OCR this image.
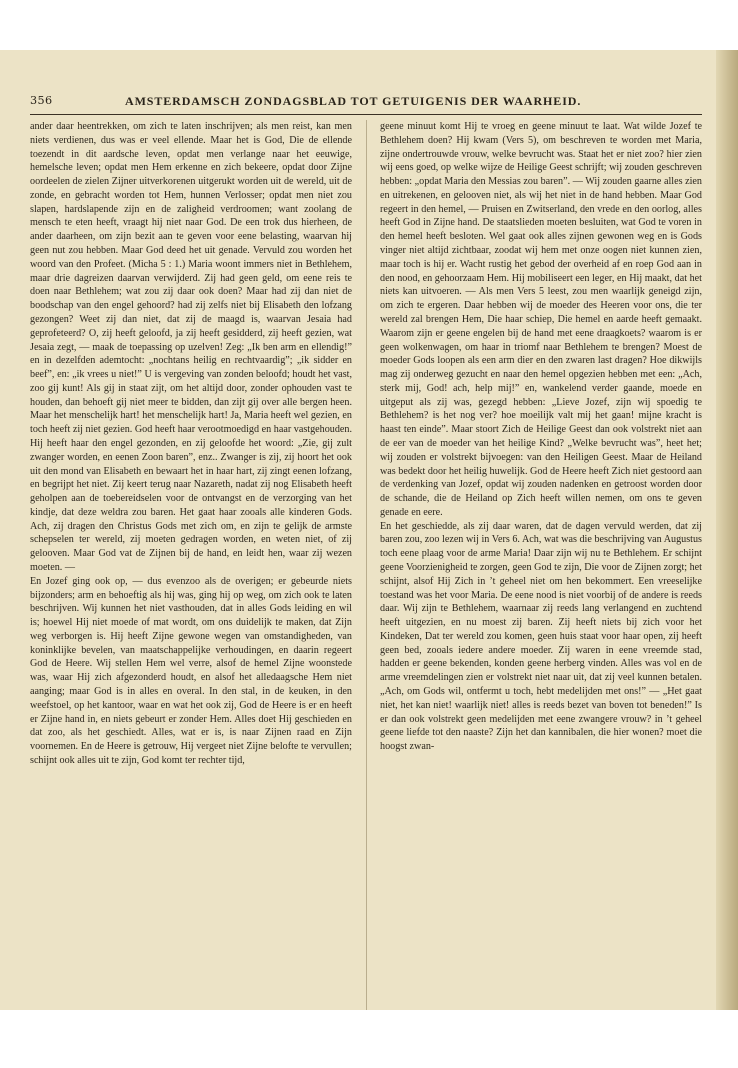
356	AMSTERDAMSCH ZONDAGSBLAD TOT GETUIGENIS DER WAARHEID.

ander daar heentrekken, om zich te laten inschrijven; als men reist, kan men niets verdienen, dus was er veel ellende. Maar het is God, Die de ellende toezendt in dit aardsche leven, opdat men verlange naar het eeuwige, hemelsche leven; opdat men Hem erkenne en zich bekeere, opdat door Zijne oordeelen de zielen Zijner uitverkorenen uitgerukt worden uit de wereld, uit de zonde, en gebracht worden tot Hem, hunnen Verlosser; opdat men niet zou slapen, hardslapende zijn en de zaligheid verdroomen; want zoolang de mensch te eten heeft, vraagt hij niet naar God. De een trok dus hierheen, de ander daarheen, om zijn bezit aan te geven voor eene belasting, waarvan hij geen nut zou hebben. Maar God deed het uit genade. Vervuld zou worden het woord van den Profeet. (Micha 5 : 1.) Maria woont immers niet in Bethlehem, maar drie dagreizen daarvan verwijderd. Zij had geen geld, om eene reis te doen naar Bethlehem; wat zou zij daar ook doen? Maar had zij dan niet de boodschap van den engel gehoord? had zij zelfs niet bij Elisabeth den lofzang gezongen? Weet zij dan niet, dat zij de maagd is, waarvan Jesaia had geprofeteerd? O, zij heeft geloofd, ja zij heeft gesidderd, zij heeft gezien, wat Jesaia zegt, — maak de toepassing op uzelven! Zeg: „Ik ben arm en ellendig!” en in dezelfden ademtocht: „nochtans heilig en rechtvaardig”; „ik sidder en beef”, en: „ik vrees u niet!” U is vergeving van zonden beloofd; houdt het vast, zoo gij kunt! Als gij in staat zijt, om het altijd door, zonder ophouden vast te houden, dan behoeft gij niet meer te bidden, dan zijt gij over alle bergen heen. Maar het menschelijk hart! het menschelijk hart! Ja, Maria heeft wel gezien, en toch heeft zij niet gezien. God heeft haar verootmoedigd en haar vastgehouden. Hij heeft haar den engel gezonden, en zij geloofde het woord: „Zie, gij zult zwanger worden, en eenen Zoon baren”, enz.. Zwanger is zij, zij hoort het ook uit den mond van Elisabeth en bewaart het in haar hart, zij zingt eenen lofzang, en begrijpt het niet. Zij keert terug naar Nazareth, nadat zij nog Elisabeth heeft geholpen aan de toebereidselen voor de ontvangst en de verzorging van het kindje, dat deze weldra zou baren. Het gaat haar zooals alle kinderen Gods. Ach, zij dragen den Christus Gods met zich om, en zijn te gelijk de armste schepselen ter wereld, zij moeten gedragen worden, en weten niet, of zij gelooven. Maar God vat de Zijnen bij de hand, en leidt hen, waar zij wezen moeten. —

En Jozef ging ook op, — dus evenzoo als de overigen; er gebeurde niets bijzonders; arm en behoeftig als hij was, ging hij op weg, om zich ook te laten beschrijven. Wij kunnen het niet vasthouden, dat in alles Gods leiding en wil is; hoewel Hij niet moede of mat wordt, om ons duidelijk te maken, dat Zijn weg verborgen is. Hij heeft Zijne gewone wegen van omstandigheden, van koninklijke bevelen, van maatschappelijke verhoudingen, en daarin regeert God de Heere. Wij stellen Hem wel verre, alsof de hemel Zijne woonstede was, waar Hij zich afgezonderd houdt, en alsof het alledaagsche Hem niet aanging; maar God is in alles en overal. In den stal, in de keuken, in den weefstoel, op het kantoor, waar en wat het ook zij, God de Heere is er en heeft er Zijne hand in, en niets gebeurt er zonder Hem. Alles doet Hij geschieden en dat zoo, als het geschiedt. Alles, wat er is, is naar Zijnen raad en Zijn voornemen. En de Heere is getrouw, Hij vergeet niet Zijne belofte te vervullen; schijnt ook alles uit te zijn, God komt ter rechter tijd,

geene minuut komt Hij te vroeg en geene minuut te laat. Wat wilde Jozef te Bethlehem doen? Hij kwam (Vers 5), om beschreven te worden met Maria, zijne ondertrouwde vrouw, welke bevrucht was. Staat het er niet zoo? hier zien wij eens goed, op welke wijze de Heilige Geest schrijft; wij zouden geschreven hebben: „opdat Maria den Messias zou baren”. — Wij zouden gaarne alles zien en uitrekenen, en gelooven niet, als wij het niet in de hand hebben. Maar God regeert in den hemel, — Pruisen en Zwitserland, den vrede en den oorlog, alles heeft God in Zijne hand. De staatslieden moeten besluiten, wat God te voren in den hemel heeft besloten. Wel gaat ook alles zijnen gewonen weg en is Gods vinger niet altijd zichtbaar, zoodat wij hem met onze oogen niet kunnen zien, maar toch is hij er. Wacht rustig het gebod der overheid af en roep God aan in den nood, en gehoorzaam Hem. Hij mobiliseert een leger, en Hij maakt, dat het niets kan uitvoeren. — Als men Vers 5 leest, zou men waarlijk geneigd zijn, om zich te ergeren. Daar hebben wij de moeder des Heeren voor ons, die ter wereld zal brengen Hem, Die haar schiep, Die hemel en aarde heeft gemaakt. Waarom zijn er geene engelen bij de hand met eene draagkoets? waarom is er geen wolkenwagen, om haar in triomf naar Bethlehem te brengen? Moest de moeder Gods loopen als een arm dier en den zwaren last dragen? Hoe dikwijls mag zij onderweg gezucht en naar den hemel opgezien hebben met een: „Ach, sterk mij, God! ach, help mij!” en, wankelend verder gaande, moede en uitgeput als zij was, gezegd hebben: „Lieve Jozef, zijn wij spoedig te Bethlehem? is het nog ver? hoe moeilijk valt mij het gaan! mijne kracht is haast ten einde”. Maar stoort Zich de Heilige Geest dan ook volstrekt niet aan de eer van de moeder van het heilige Kind? „Welke bevrucht was”, heet het; wij zouden er volstrekt bijvoegen: van den Heiligen Geest. Maar de Heiland was bedekt door het heilig huwelijk. God de Heere heeft Zich niet gestoord aan de verdenking van Jozef, opdat wij zouden nadenken en getroost worden door de schande, die de Heiland op Zich heeft willen nemen, om ons te geven genade en eere.

En het geschiedde, als zij daar waren, dat de dagen vervuld werden, dat zij baren zou, zoo lezen wij in Vers 6. Ach, wat was die beschrijving van Augustus toch eene plaag voor de arme Maria! Daar zijn wij nu te Bethlehem. Er schijnt geene Voorzienigheid te zorgen, geen God te zijn, Die voor de Zijnen zorgt; het schijnt, alsof Hij Zich in ’t geheel niet om hen bekommert. Een vreeselijke toestand was het voor Maria. De eene nood is niet voorbij of de andere is reeds daar. Wij zijn te Bethlehem, waarnaar zij reeds lang verlangend en zuchtend heeft uitgezien, en nu moest zij baren. Zij heeft niets bij zich voor het Kindeken, Dat ter wereld zou komen, geen huis staat voor haar open, zij heeft geen bed, zooals iedere andere moeder. Zij waren in eene vreemde stad, hadden er geene bekenden, konden geene herberg vinden. Alles was vol en de arme vreemdelingen zien er volstrekt niet naar uit, dat zij veel kunnen betalen. „Ach, om Gods wil, ontfermt u toch, hebt medelijden met ons!” — „Het gaat niet, het kan niet! waarlijk niet! alles is reeds bezet van boven tot beneden!” Is er dan ook volstrekt geen medelijden met eene zwangere vrouw? in ’t geheel geene liefde tot den naaste? Zijn het dan kannibalen, die hier wonen? moet die hoogst zwan-
